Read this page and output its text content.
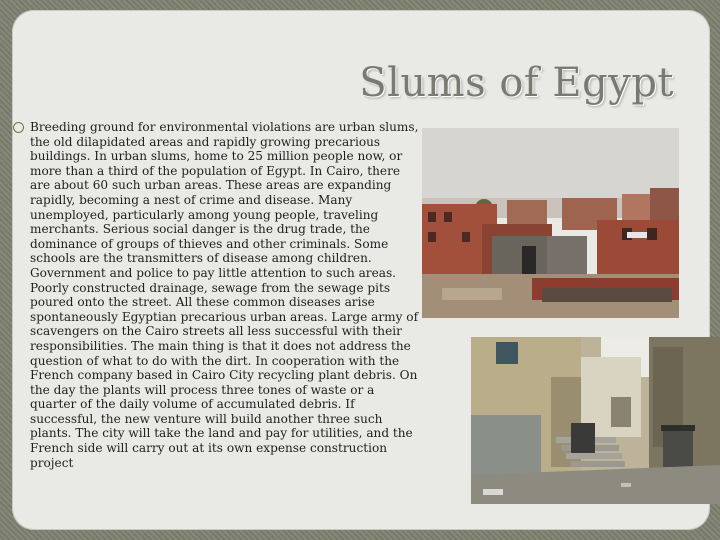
Slums of Egypt

Breeding ground for environmental violations are urban slums, the old dilapidated areas and rapidly growing precarious buildings. In urban slums, home to 25 million people now, or more than a third of the population of Egypt. In Cairo, there are about 60 such urban areas. These areas are expanding rapidly, becoming a nest of crime and disease. Many unemployed, particularly among young people, traveling merchants. Serious social danger is the drug trade, the dominance of groups of thieves and other criminals. Some schools are the transmitters of disease among children. Government and police to pay little attention to such areas. Poorly constructed drainage, sewage from the sewage pits poured onto the street. All these common diseases arise spontaneously Egyptian precarious urban areas. Large army of scavengers on the Cairo streets all less successful with their responsibilities. The main thing is that it does not address the question of what to do with the dirt. In cooperation with the French company based in Cairo City recycling plant debris. On the day the plants will process three tones of waste or a quarter of the daily volume of accumulated debris. If successful, the new venture will build another three such plants. The city will take the land and pay for utilities, and the French side will carry out at its own expense construction project
